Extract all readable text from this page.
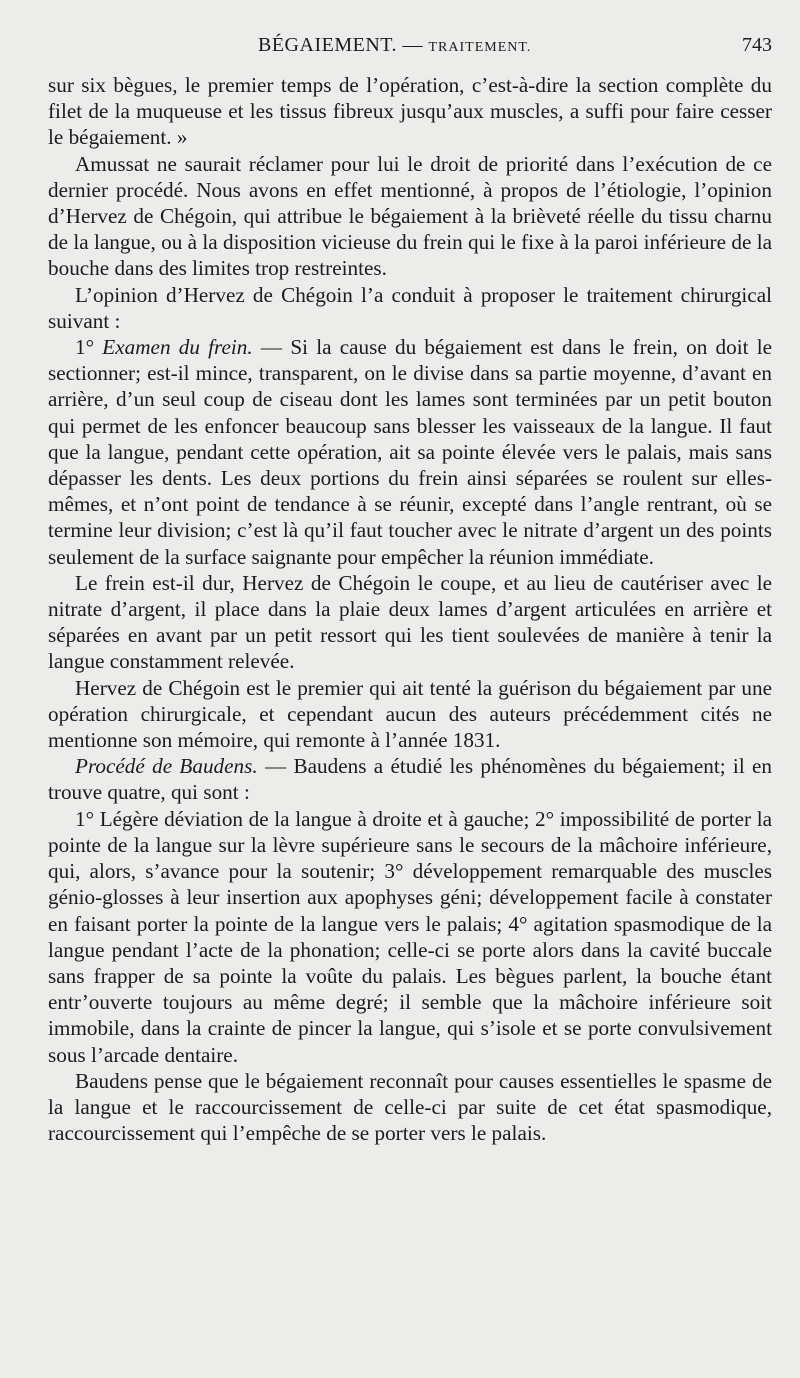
BÉGAIEMENT. — TRAITEMENT.	743

sur six bègues, le premier temps de l’opération, c’est-à-dire la section complète du filet de la muqueuse et les tissus fibreux jusqu’aux muscles, a suffi pour faire cesser le bégaiement. »

Amussat ne saurait réclamer pour lui le droit de priorité dans l’exécution de ce dernier procédé. Nous avons en effet mentionné, à propos de l’étiologie, l’opinion d’Hervez de Chégoin, qui attribue le bégaiement à la brièveté réelle du tissu charnu de la langue, ou à la disposition vicieuse du frein qui le fixe à la paroi inférieure de la bouche dans des limites trop restreintes.

L’opinion d’Hervez de Chégoin l’a conduit à proposer le traitement chirurgical suivant :

1° Examen du frein. — Si la cause du bégaiement est dans le frein, on doit le sectionner; est-il mince, transparent, on le divise dans sa partie moyenne, d’avant en arrière, d’un seul coup de ciseau dont les lames sont terminées par un petit bouton qui permet de les enfoncer beaucoup sans blesser les vaisseaux de la langue. Il faut que la langue, pendant cette opération, ait sa pointe élevée vers le palais, mais sans dépasser les dents. Les deux portions du frein ainsi séparées se roulent sur elles-mêmes, et n’ont point de tendance à se réunir, excepté dans l’angle rentrant, où se termine leur division; c’est là qu’il faut toucher avec le nitrate d’argent un des points seulement de la surface saignante pour empêcher la réunion immédiate.

Le frein est-il dur, Hervez de Chégoin le coupe, et au lieu de cautériser avec le nitrate d’argent, il place dans la plaie deux lames d’argent articulées en arrière et séparées en avant par un petit ressort qui les tient soulevées de manière à tenir la langue constamment relevée.

Hervez de Chégoin est le premier qui ait tenté la guérison du bégaiement par une opération chirurgicale, et cependant aucun des auteurs précédemment cités ne mentionne son mémoire, qui remonte à l’année 1831.

Procédé de Baudens. — Baudens a étudié les phénomènes du bégaiement; il en trouve quatre, qui sont :

1° Légère déviation de la langue à droite et à gauche; 2° impossibilité de porter la pointe de la langue sur la lèvre supérieure sans le secours de la mâchoire inférieure, qui, alors, s’avance pour la soutenir; 3° développement remarquable des muscles génio-glosses à leur insertion aux apophyses géni; développement facile à constater en faisant porter la pointe de la langue vers le palais; 4° agitation spasmodique de la langue pendant l’acte de la phonation; celle-ci se porte alors dans la cavité buccale sans frapper de sa pointe la voûte du palais. Les bègues parlent, la bouche étant entr’ouverte toujours au même degré; il semble que la mâchoire inférieure soit immobile, dans la crainte de pincer la langue, qui s’isole et se porte convulsivement sous l’arcade dentaire.

Baudens pense que le bégaiement reconnaît pour causes essentielles le spasme de la langue et le raccourcissement de celle-ci par suite de cet état spasmodique, raccourcissement qui l’empêche de se porter vers le palais.
